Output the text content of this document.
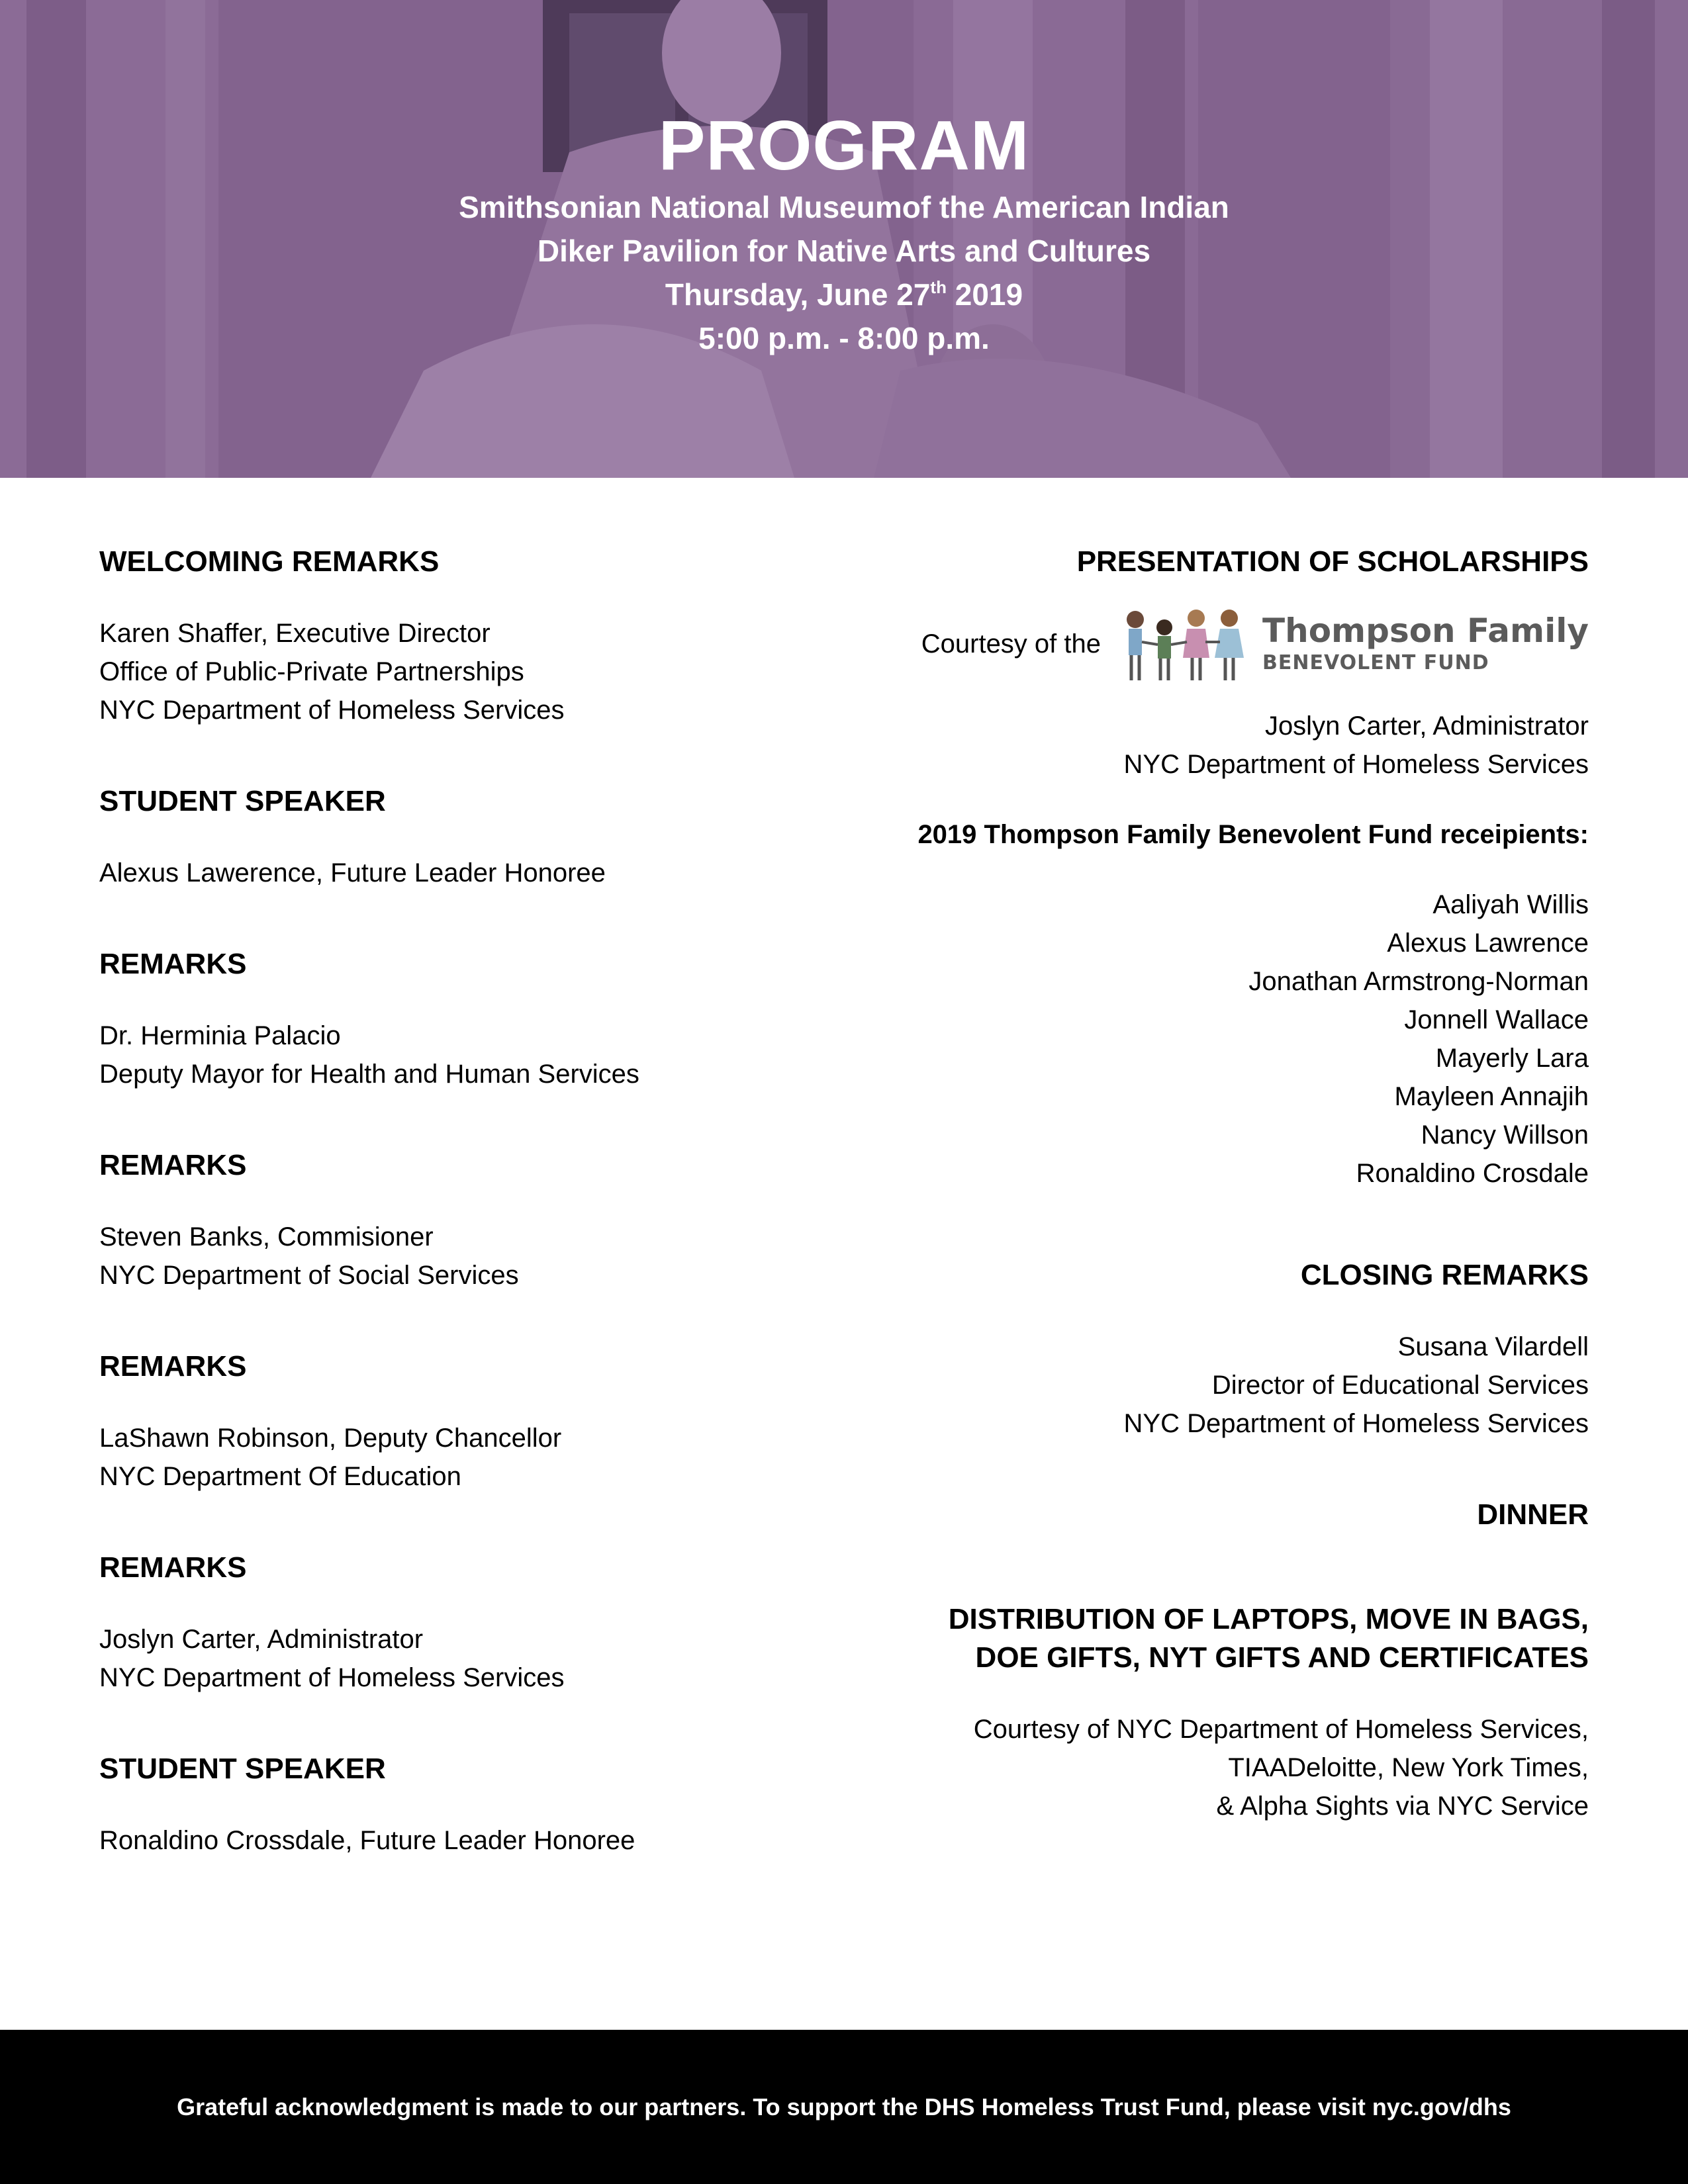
PROGRAM
Smithsonian National Museumof the American Indian
Diker Pavilion for Native Arts and Cultures
Thursday, June 27th 2019
5:00 p.m. - 8:00 p.m.
WELCOMING REMARKS
Karen Shaffer, Executive Director
Office of Public-Private Partnerships
NYC Department of Homeless Services
STUDENT SPEAKER
Alexus Lawerence, Future Leader Honoree
REMARKS
Dr. Herminia Palacio
Deputy Mayor for Health and Human Services
REMARKS
Steven Banks, Commisioner
NYC Department of Social Services
REMARKS
LaShawn Robinson, Deputy Chancellor
NYC Department Of Education
REMARKS
Joslyn Carter, Administrator
NYC Department of Homeless Services
STUDENT SPEAKER
Ronaldino Crossdale, Future Leader Honoree
PRESENTATION OF SCHOLARSHIPS
Courtesy of the	Thompson Family
BENEVOLENT FUND
Joslyn Carter, Administrator
NYC Department of Homeless Services
2019 Thompson Family Benevolent Fund receipients:
Aaliyah Willis
Alexus Lawrence
Jonathan Armstrong-Norman
Jonnell Wallace
Mayerly Lara
Mayleen Annajih
Nancy Willson
Ronaldino Crosdale
CLOSING REMARKS
Susana Vilardell
Director of Educational Services
NYC Department of Homeless Services
DINNER
DISTRIBUTION OF LAPTOPS, MOVE IN BAGS,
DOE GIFTS, NYT GIFTS AND CERTIFICATES
Courtesy of NYC Department of Homeless Services,
TIAADeloitte, New York Times,
& Alpha Sights via NYC Service
Grateful acknowledgment is made to our partners. To support the DHS Homeless Trust Fund, please visit nyc.gov/dhs
